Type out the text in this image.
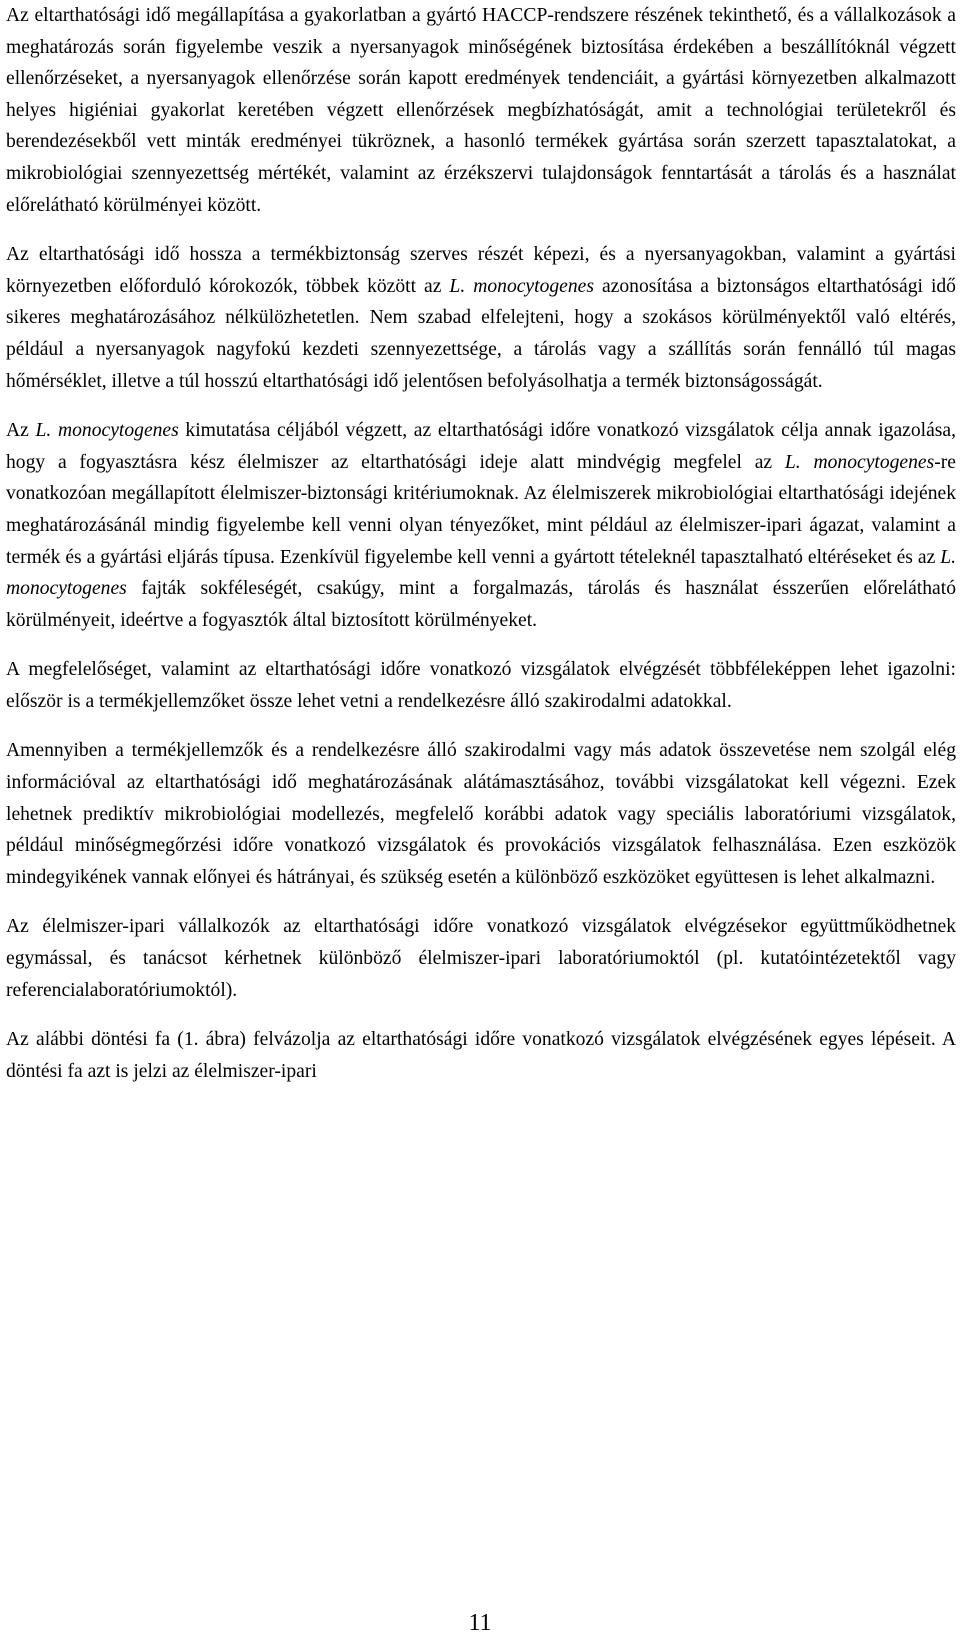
Az eltarthatósági idő megállapítása a gyakorlatban a gyártó HACCP-rendszere részének tekinthető, és a vállalkozások a meghatározás során figyelembe veszik a nyersanyagok minőségének biztosítása érdekében a beszállítóknál végzett ellenőrzéseket, a nyersanyagok ellenőrzése során kapott eredmények tendenciáit, a gyártási környezetben alkalmazott helyes higiéniai gyakorlat keretében végzett ellenőrzések megbízhatóságát, amit a technológiai területekről és berendezésekből vett minták eredményei tükröznek, a hasonló termékek gyártása során szerzett tapasztalatokat, a mikrobiológiai szennyezettség mértékét, valamint az érzékszervi tulajdonságok fenntartását a tárolás és a használat előrelátható körülményei között.

Az eltarthatósági idő hossza a termékbiztonság szerves részét képezi, és a nyersanyagokban, valamint a gyártási környezetben előforduló kórokozók, többek között az L. monocytogenes azonosítása a biztonságos eltarthatósági idő sikeres meghatározásához nélkülözhetetlen. Nem szabad elfelejteni, hogy a szokásos körülményektől való eltérés, például a nyersanyagok nagyfokú kezdeti szennyezettsége, a tárolás vagy a szállítás során fennálló túl magas hőmérséklet, illetve a túl hosszú eltarthatósági idő jelentősen befolyásolhatja a termék biztonságosságát.

Az L. monocytogenes kimutatása céljából végzett, az eltarthatósági időre vonatkozó vizsgálatok célja annak igazolása, hogy a fogyasztásra kész élelmiszer az eltarthatósági ideje alatt mindvégig megfelel az L. monocytogenes-re vonatkozóan megállapított élelmiszer-biztonsági kritériumoknak. Az élelmiszerek mikrobiológiai eltarthatósági idejének meghatározásánál mindig figyelembe kell venni olyan tényezőket, mint például az élelmiszer-ipari ágazat, valamint a termék és a gyártási eljárás típusa. Ezenkívül figyelembe kell venni a gyártott tételeknél tapasztalható eltéréseket és az L. monocytogenes fajták sokféleségét, csakúgy, mint a forgalmazás, tárolás és használat ésszerűen előrelátható körülményeit, ideértve a fogyasztók által biztosított körülményeket.

A megfelelőséget, valamint az eltarthatósági időre vonatkozó vizsgálatok elvégzését többféleképpen lehet igazolni: először is a termékjellemzőket össze lehet vetni a rendelkezésre álló szakirodalmi adatokkal.

Amennyiben a termékjellemzők és a rendelkezésre álló szakirodalmi vagy más adatok összevetése nem szolgál elég információval az eltarthatósági idő meghatározásának alátámasztásához, további vizsgálatokat kell végezni. Ezek lehetnek prediktív mikrobiológiai modellezés, megfelelő korábbi adatok vagy speciális laboratóriumi vizsgálatok, például minőségmegőrzési időre vonatkozó vizsgálatok és provokációs vizsgálatok felhasználása. Ezen eszközök mindegyikének vannak előnyei és hátrányai, és szükség esetén a különböző eszközöket együttesen is lehet alkalmazni.

Az élelmiszer-ipari vállalkozók az eltarthatósági időre vonatkozó vizsgálatok elvégzésekor együttműködhetnek egymással, és tanácsot kérhetnek különböző élelmiszer-ipari laboratóriumoktól (pl. kutatóintézetektől vagy referencialaboratóriumoktól).

Az alábbi döntési fa (1. ábra) felvázolja az eltarthatósági időre vonatkozó vizsgálatok elvégzésének egyes lépéseit. A döntési fa azt is jelzi az élelmiszer-ipari

11
